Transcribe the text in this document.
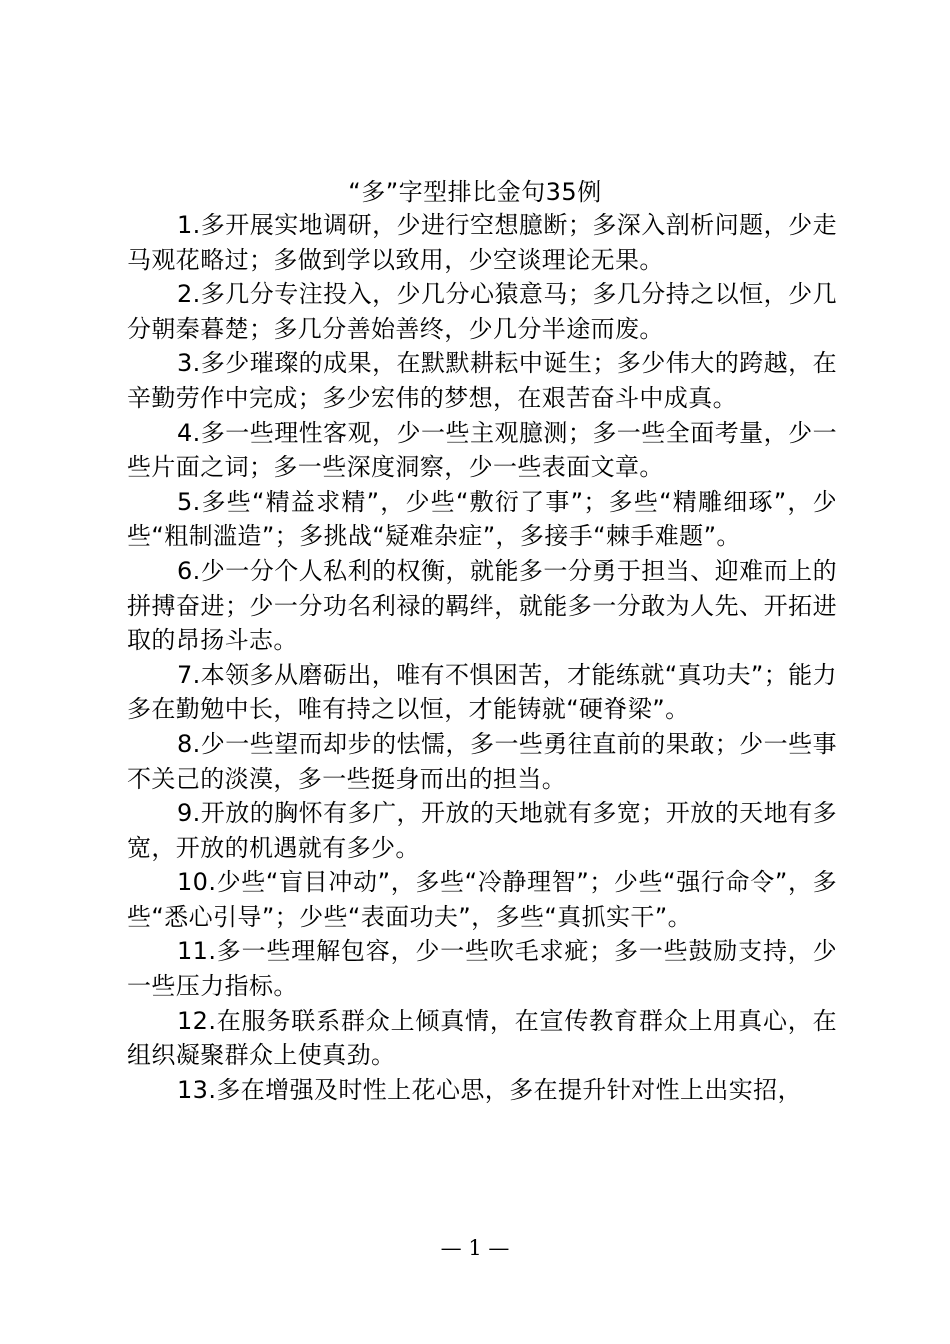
“多”字型排比金句35例

1.多开展实地调研，少进行空想臆断；多深入剖析问题，少走马观花略过；多做到学以致用，少空谈理论无果。

2.多几分专注投入，少几分心猿意马；多几分持之以恒，少几分朝秦暮楚；多几分善始善终，少几分半途而废。

3.多少璀璨的成果，在默默耕耘中诞生；多少伟大的跨越，在辛勤劳作中完成；多少宏伟的梦想，在艰苦奋斗中成真。

4.多一些理性客观，少一些主观臆测；多一些全面考量，少一些片面之词；多一些深度洞察，少一些表面文章。

5.多些“精益求精”，少些“敷衍了事”；多些“精雕细琢”，少些“粗制滥造”；多挑战“疑难杂症”，多接手“棘手难题”。

6.少一分个人私利的权衡，就能多一分勇于担当、迎难而上的拼搏奋进；少一分功名利禄的羁绊，就能多一分敢为人先、开拓进取的昂扬斗志。

7.本领多从磨砺出，唯有不惧困苦，才能练就“真功夫”；能力多在勤勉中长，唯有持之以恒，才能铸就“硬脊梁”。

8.少一些望而却步的怯懦，多一些勇往直前的果敢；少一些事不关己的淡漠，多一些挺身而出的担当。

9.开放的胸怀有多广，开放的天地就有多宽；开放的天地有多宽，开放的机遇就有多少。

10.少些“盲目冲动”，多些“冷静理智”；少些“强行命令”，多些“悉心引导”；少些“表面功夫”，多些“真抓实干”。

11.多一些理解包容，少一些吹毛求疵；多一些鼓励支持，少一些压力指标。

12.在服务联系群众上倾真情，在宣传教育群众上用真心，在组织凝聚群众上使真劲。

13.多在增强及时性上花心思，多在提升针对性上出实招，

— 1 —
